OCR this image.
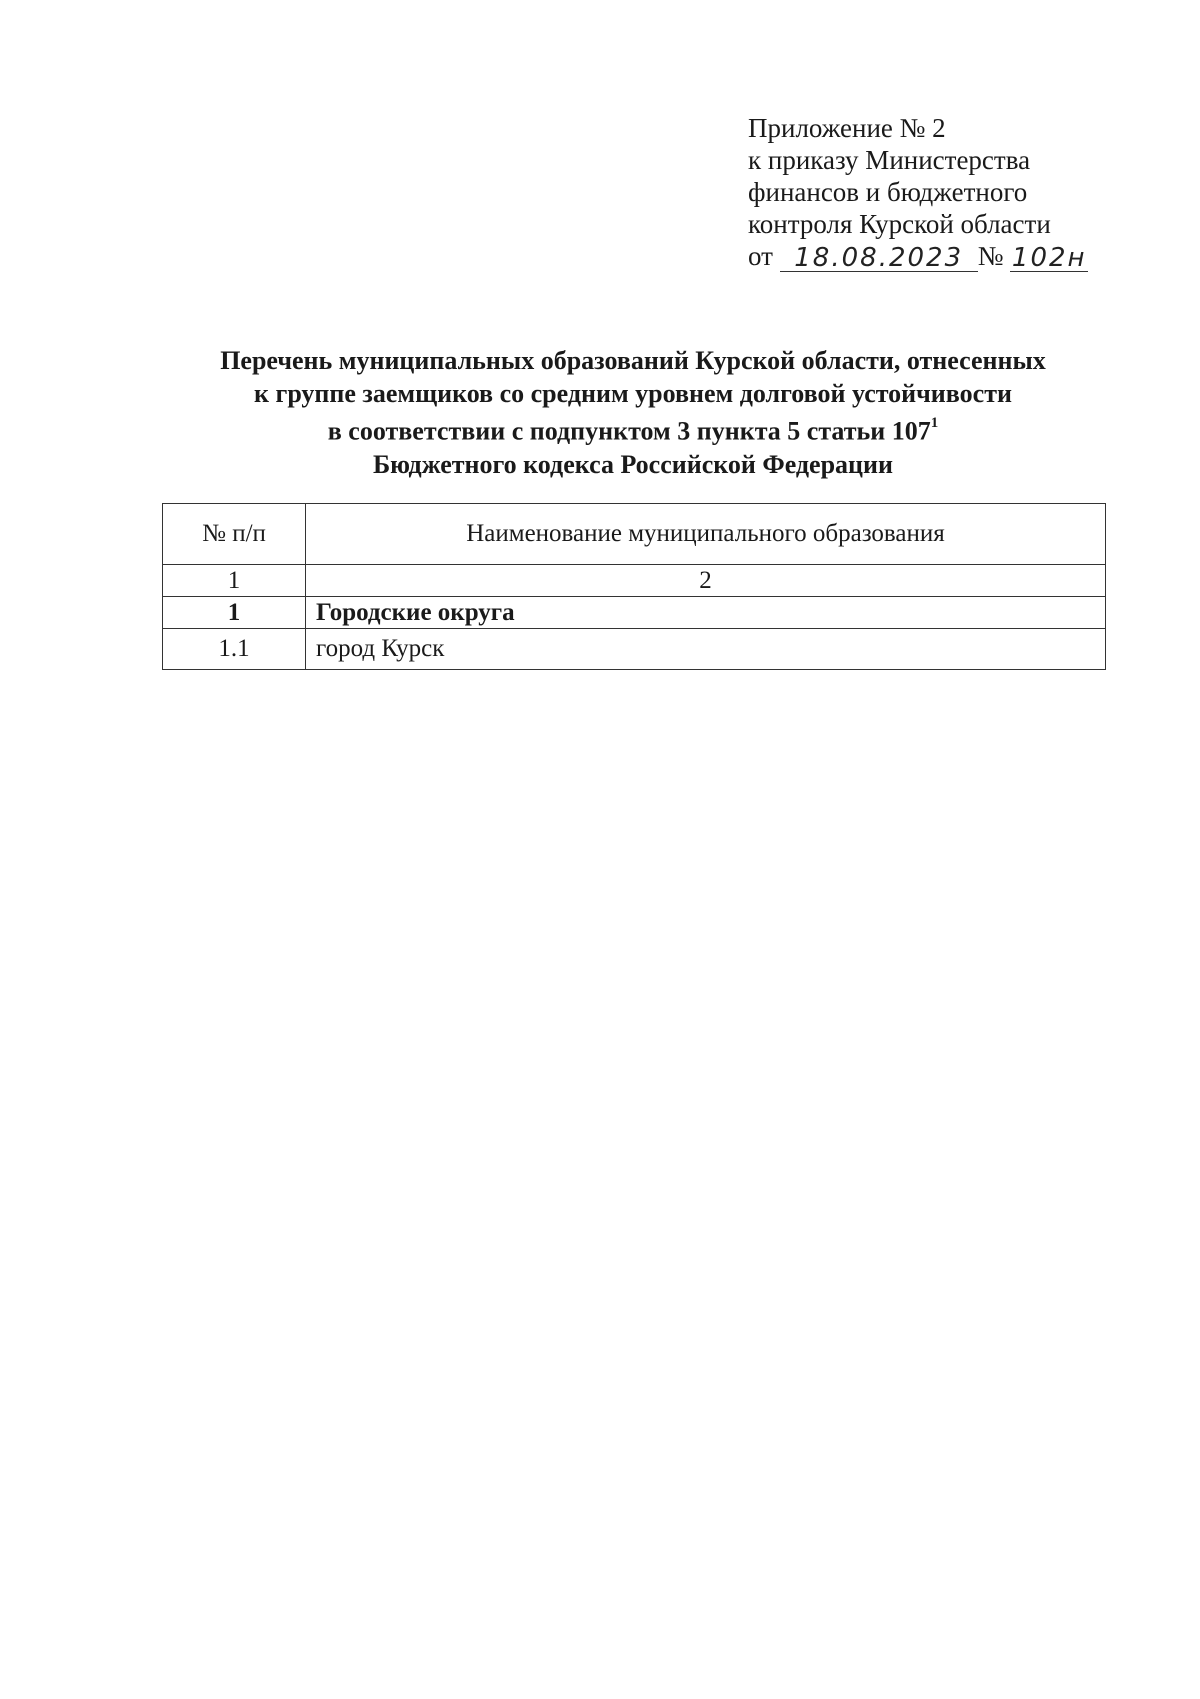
Приложение № 2
к приказу Министерства
финансов и бюджетного
контроля Курской области
от 18.08.2023 № 102н
Перечень муниципальных образований Курской области, отнесенных
к группе заемщиков со средним уровнем долговой устойчивости
в соответствии с подпунктом 3 пункта 5 статьи $107^1$
Бюджетного кодекса Российской Федерации
№ п/п	Наименование муниципального образования
1	2
1	Городские округа
1.1	город Курск
